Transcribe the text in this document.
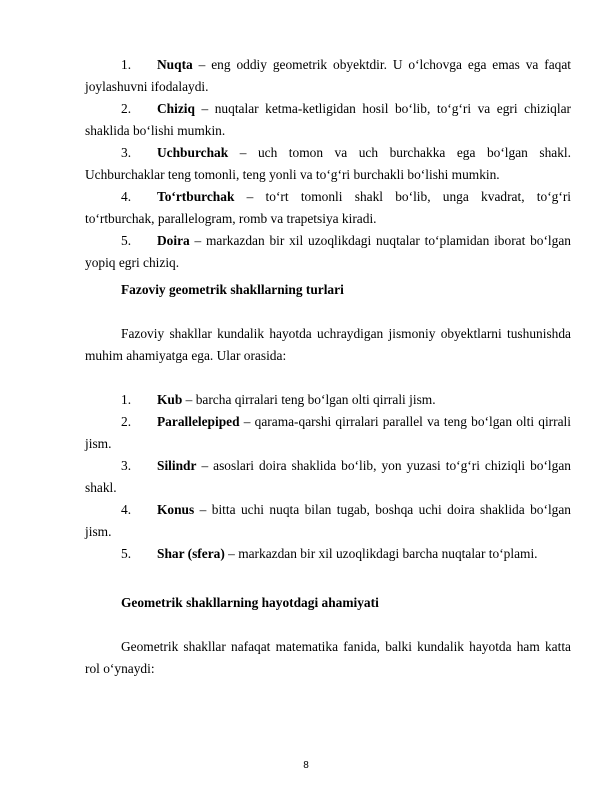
1. Nuqta – eng oddiy geometrik obyektdir. U o‘lchovga ega emas va faqat joylashuvni ifodalaydi.

2. Chiziq – nuqtalar ketma-ketligidan hosil bo‘lib, to‘g‘ri va egri chiziqlar shaklida bo‘lishi mumkin.

3. Uchburchak – uch tomon va uch burchakka ega bo‘lgan shakl. Uchburchaklar teng tomonli, teng yonli va to‘g‘ri burchakli bo‘lishi mumkin.

4. To‘rtburchak – to‘rt tomonli shakl bo‘lib, unga kvadrat, to‘g‘ri to‘rtburchak, parallelogram, romb va trapetsiya kiradi.

5. Doira – markazdan bir xil uzoqlikdagi nuqtalar to‘plamidan iborat bo‘lgan yopiq egri chiziq.

Fazoviy geometrik shakllarning turlari

Fazoviy shakllar kundalik hayotda uchraydigan jismoniy obyektlarni tushunishda muhim ahamiyatga ega. Ular orasida:

1. Kub – barcha qirralari teng bo‘lgan olti qirrali jism.

2. Parallelepiped – qarama-qarshi qirralari parallel va teng bo‘lgan olti qirrali jism.

3. Silindr – asoslari doira shaklida bo‘lib, yon yuzasi to‘g‘ri chiziqli bo‘lgan shakl.

4. Konus – bitta uchi nuqta bilan tugab, boshqa uchi doira shaklida bo‘lgan jism.

5. Shar (sfera) – markazdan bir xil uzoqlikdagi barcha nuqtalar to‘plami.

Geometrik shakllarning hayotdagi ahamiyati

Geometrik shakllar nafaqat matematika fanida, balki kundalik hayotda ham katta rol o‘ynaydi:

8
